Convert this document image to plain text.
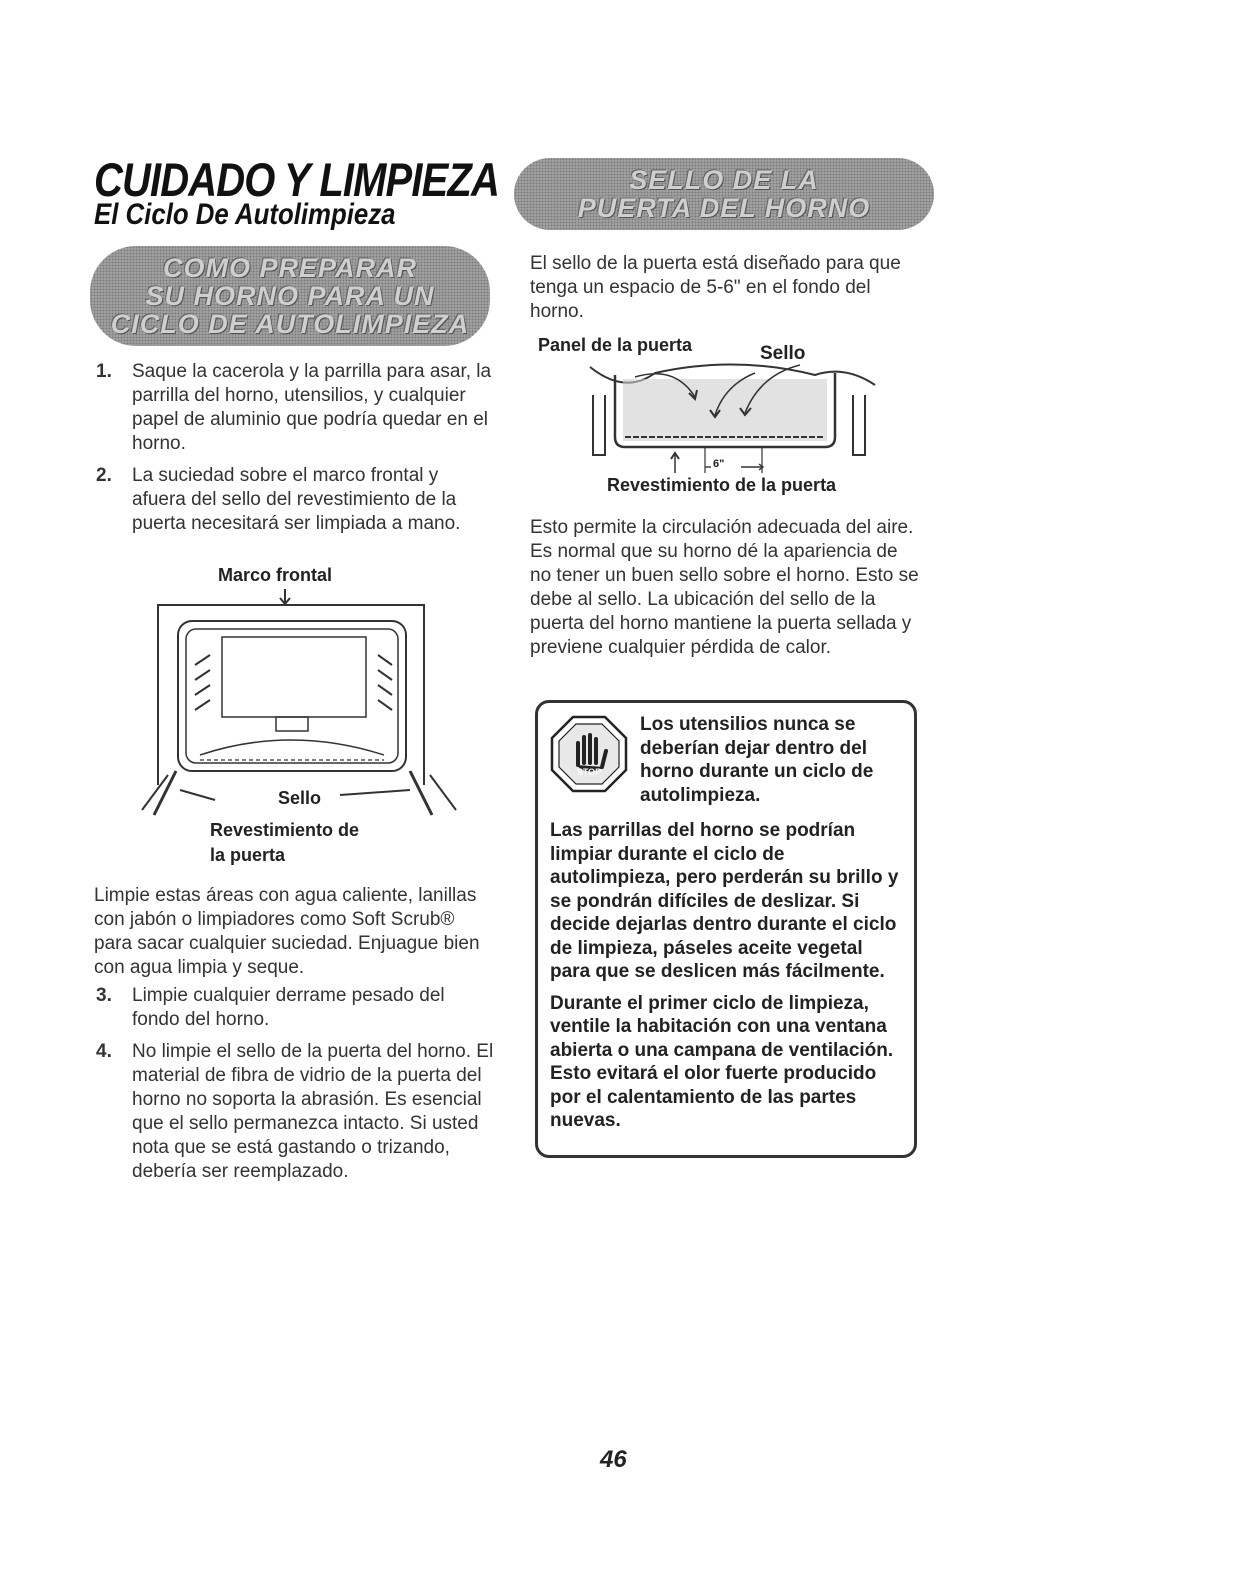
CUIDADO Y LIMPIEZA
El Ciclo De Autolimpieza
COMO PREPARAR
SU HORNO PARA UN
CICLO DE AUTOLIMPIEZA
1. Saque la cacerola y la parrilla para asar, la parrilla del horno, utensilios, y cualquier papel de aluminio que podría quedar en el horno.
2. La suciedad sobre el marco frontal y afuera del sello del revestimiento de la puerta necesitará ser limpiada a mano.
Marco frontal
Sello
Revestimiento de
la puerta
Limpie estas áreas con agua caliente, lanillas con jabón o limpiadores como Soft Scrub® para sacar cualquier suciedad. Enjuague bien con agua limpia y seque.
3. Limpie cualquier derrame pesado del fondo del horno.
4. No limpie el sello de la puerta del horno. El material de fibra de vidrio de la puerta del horno no soporta la abrasión. Es esencial que el sello permanezca intacto. Si usted nota que se está gastando o trizando, debería ser reemplazado.
SELLO DE LA
PUERTA DEL HORNO
El sello de la puerta está diseñado para que tenga un espacio de 5-6" en el fondo del horno.
Panel de la puerta	Sello
6"
Revestimiento de la puerta
Esto permite la circulación adecuada del aire. Es normal que su horno dé la apariencia de no tener un buen sello sobre el horno. Esto se debe al sello. La ubicación del sello de la puerta del horno mantiene la puerta sellada y previene cualquier pérdida de calor.
STOP
Los utensilios nunca se deberían dejar dentro del horno durante un ciclo de autolimpieza.
Las parrillas del horno se podrían limpiar durante el ciclo de autolimpieza, pero perderán su brillo y se pondrán difíciles de deslizar. Si decide dejarlas dentro durante el ciclo de limpieza, páseles aceite vegetal para que se deslicen más fácilmente.
Durante el primer ciclo de limpieza, ventile la habitación con una ventana abierta o una campana de ventilación. Esto evitará el olor fuerte producido por el calentamiento de las partes nuevas.
46
